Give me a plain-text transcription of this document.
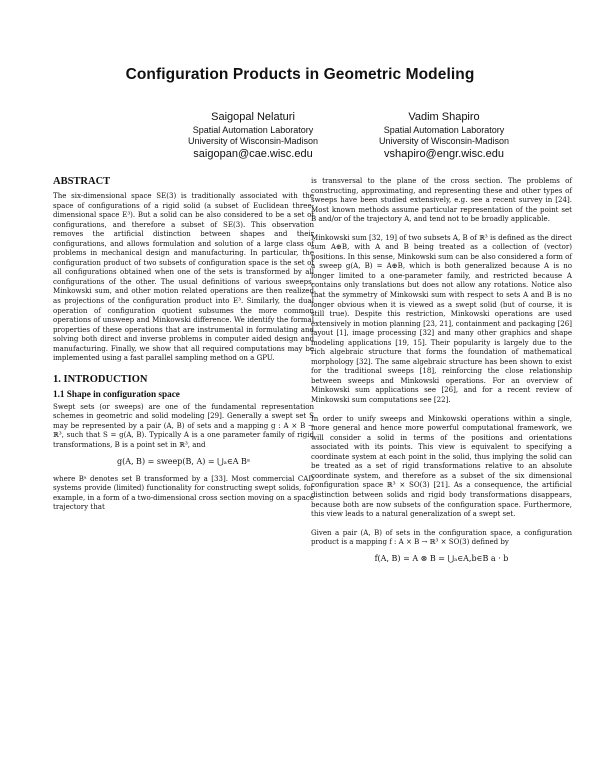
Configuration Products in Geometric Modeling
Saigopal Nelaturi
Spatial Automation Laboratory
University of Wisconsin-Madison
saigopan@cae.wisc.edu
Vadim Shapiro
Spatial Automation Laboratory
University of Wisconsin-Madison
vshapiro@engr.wisc.edu
ABSTRACT

The six-dimensional space SE(3) is traditionally associated with the space of configurations of a rigid solid (a subset of Euclidean three-dimensional space E³). But a solid can be also considered to be a set of configurations, and therefore a subset of SE(3). This observation removes the artificial distinction between shapes and their configurations, and allows formulation and solution of a large class of problems in mechanical design and manufacturing. In particular, the configuration product of two subsets of configuration space is the set of all configurations obtained when one of the sets is transformed by all configurations of the other. The usual definitions of various sweeps, Minkowski sum, and other motion related operations are then realized as projections of the configuration product into E³. Similarly, the dual operation of configuration quotient subsumes the more common operations of unsweep and Minkowski difference. We identify the formal properties of these operations that are instrumental in formulating and solving both direct and inverse problems in computer aided design and manufacturing. Finally, we show that all required computations may be implemented using a fast parallel sampling method on a GPU.

1. INTRODUCTION
1.1 Shape in configuration space

Swept sets (or sweeps) are one of the fundamental representation schemes in geometric and solid modeling [29]. Generally a swept set S may be represented by a pair (A, B) of sets and a mapping g : A × B → ℝ³, such that S = g(A, B). Typically A is a one parameter family of rigid transformations, B is a point set in ℝ³, and

g(A, B) = sweep(B, A) = ⋃ₐ∈A Bᵃ

where Bᵃ denotes set B transformed by a [33]. Most commercial CAD systems provide (limited) functionality for constructing swept solids, for example, in a form of a two-dimensional cross section moving on a space trajectory that

is transversal to the plane of the cross section. The problems of constructing, approximating, and representing these and other types of sweeps have been studied extensively, e.g. see a recent survey in [24]. Most known methods assume particular representation of the point set B and/or of the trajectory A, and tend not to be broadly applicable.

Minkowski sum [32, 19] of two subsets A, B of ℝ³ is defined as the direct sum A⊕B, with A and B being treated as a collection of (vector) positions. In this sense, Minkowski sum can be also considered a form of a sweep g(A, B) = A⊕B, which is both generalized because A is no longer limited to a one-parameter family, and restricted because A contains only translations but does not allow any rotations. Notice also that the symmetry of Minkowski sum with respect to sets A and B is no longer obvious when it is viewed as a swept solid (but of course, it is still true). Despite this restriction, Minkowski operations are used extensively in motion planning [23, 21], containment and packaging [26] layout [1], image processing [32] and many other graphics and shape modeling applications [19, 15]. Their popularity is largely due to the rich algebraic structure that forms the foundation of mathematical morphology [32]. The same algebraic structure has been shown to exist for the traditional sweeps [18], reinforcing the close relationship between sweeps and Minkowski operations. For an overview of Minkowski sum applications see [26], and for a recent review of Minkowski sum computations see [22].

In order to unify sweeps and Minkowski operations within a single, more general and hence more powerful computational framework, we will consider a solid in terms of the positions and orientations associated with its points. This view is equivalent to specifying a coordinate system at each point in the solid, thus implying the solid can be treated as a set of rigid transformations relative to an absolute coordinate system, and therefore as a subset of the six dimensional configuration space ℝ³ × SO(3) [21]. As a consequence, the artificial distinction between solids and rigid body transformations disappears, because both are now subsets of the configuration space. Furthermore, this view leads to a natural generalization of a swept set.

Given a pair (A, B) of sets in the configuration space, a configuration product is a mapping f : A × B → ℝ³ × SO(3) defined by

f(A, B) = A ⊗ B = ⋃ₐ∈A,b∈B a · b
